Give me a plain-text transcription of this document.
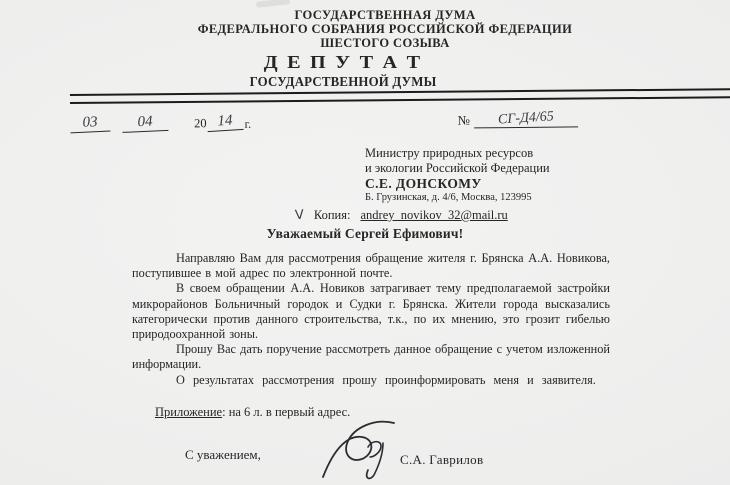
ГОСУДАРСТВЕННАЯ ДУМА
ФЕДЕРАЛЬНОГО СОБРАНИЯ РОССИЙСКОЙ ФЕДЕРАЦИИ
ШЕСТОГО СОЗЫВА
Д Е П У Т А Т
ГОСУДАРСТВЕННОЙ ДУМЫ
03	04	20 14 г.	№	СГ-Д4/65
Министру природных ресурсов
и экологии Российской Федерации
С.Е. ДОНСКОМУ
Б. Грузинская, д. 4/6, Москва, 123995
V Копия: andrey_novikov_32@mail.ru
Уважаемый Сергей Ефимович!

Направляю Вам для рассмотрения обращение жителя г. Брянска А.А. Новикова, поступившее в мой адрес по электронной почте.

В своем обращении А.А. Новиков затрагивает тему предполагаемой застройки микрорайонов Больничный городок и Судки г. Брянска. Жители города высказались категорически против данного строительства, т.к., по их мнению, это грозит гибелью природоохранной зоны.

Прошу Вас дать поручение рассмотреть данное обращение с учетом изложенной информации.

О результатах рассмотрения прошу проинформировать меня и заявителя.

Приложение: на 6 л. в первый адрес.
С уважением,	С.А. Гаврилов
